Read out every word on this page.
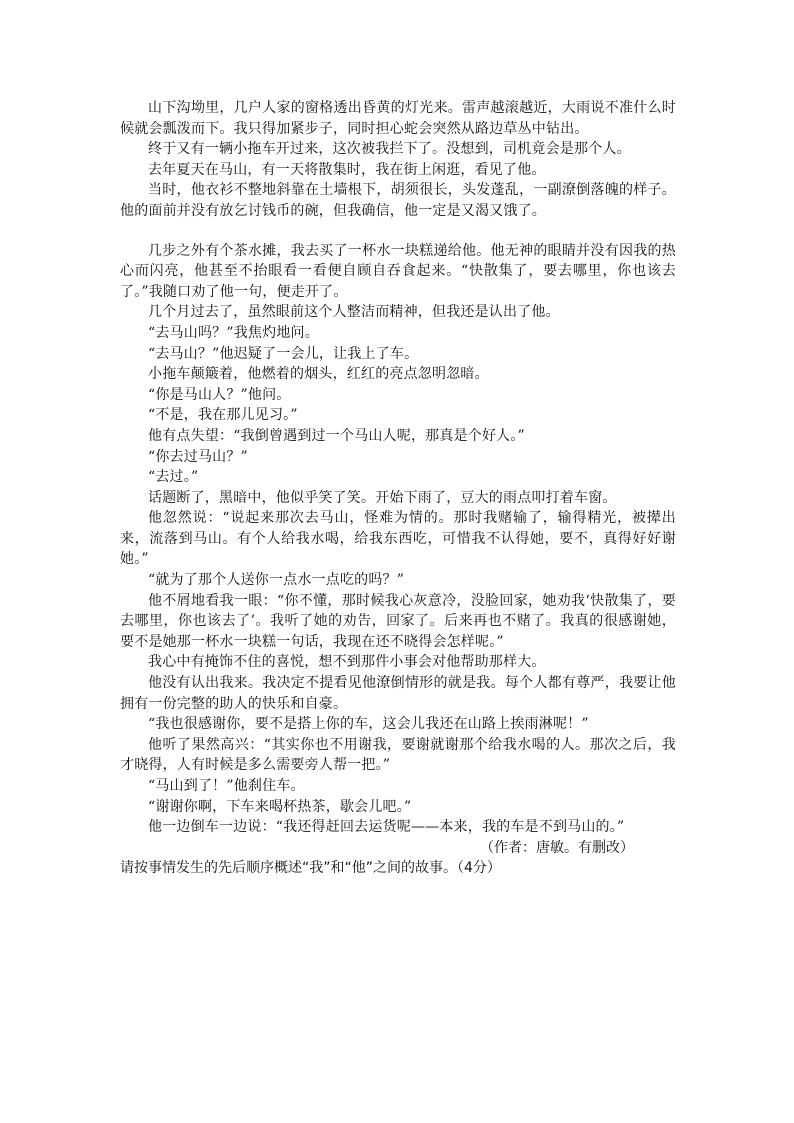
山下沟坳里，几户人家的窗格透出昏黄的灯光来。雷声越滚越近，大雨说不准什么时候就会瓢泼而下。我只得加紧步子，同时担心蛇会突然从路边草丛中钻出。

终于又有一辆小拖车开过来，这次被我拦下了。没想到，司机竟会是那个人。

去年夏天在马山，有一天将散集时，我在街上闲逛，看见了他。

当时，他衣衫不整地斜靠在土墙根下，胡须很长，头发蓬乱，一副潦倒落魄的样子。他的面前并没有放乞讨钱币的碗，但我确信，他一定是又渴又饿了。

几步之外有个茶水摊，我去买了一杯水一块糕递给他。他无神的眼睛并没有因我的热心而闪亮，他甚至不抬眼看一看便自顾自吞食起来。“快散集了，要去哪里，你也该去了。”我随口劝了他一句，便走开了。

几个月过去了，虽然眼前这个人整洁而精神，但我还是认出了他。

“去马山吗？”我焦灼地问。

“去马山？”他迟疑了一会儿，让我上了车。

小拖车颠簸着，他燃着的烟头，红红的亮点忽明忽暗。

“你是马山人？”他问。

“不是，我在那儿见习。”

他有点失望：“我倒曾遇到过一个马山人呢，那真是个好人。”

“你去过马山？”

“去过。”

话题断了，黑暗中，他似乎笑了笑。开始下雨了，豆大的雨点叩打着车窗。

他忽然说：“说起来那次去马山，怪难为情的。那时我赌输了，输得精光，被撵出来，流落到马山。有个人给我水喝，给我东西吃，可惜我不认得她，要不，真得好好谢她。”

“就为了那个人送你一点水一点吃的吗？”

他不屑地看我一眼：“你不懂，那时候我心灰意冷，没脸回家，她劝我‘快散集了，要去哪里，你也该去了’。我听了她的劝告，回家了。后来再也不赌了。我真的很感谢她，要不是她那一杯水一块糕一句话，我现在还不晓得会怎样呢。”

我心中有掩饰不住的喜悦，想不到那件小事会对他帮助那样大。

他没有认出我来。我决定不提看见他潦倒情形的就是我。每个人都有尊严，我要让他拥有一份完整的助人的快乐和自豪。

“我也很感谢你，要不是搭上你的车，这会儿我还在山路上挨雨淋呢！”

他听了果然高兴：“其实你也不用谢我，要谢就谢那个给我水喝的人。那次之后，我才晓得，人有时候是多么需要旁人帮一把。”

“马山到了！”他刹住车。

“谢谢你啊，下车来喝杯热茶，歇会儿吧。”

他一边倒车一边说：“我还得赶回去运货呢——本来，我的车是不到马山的。”

（作者：唐敏。有删改）

请按事情发生的先后顺序概述“我”和“他”之间的故事。（4分）
